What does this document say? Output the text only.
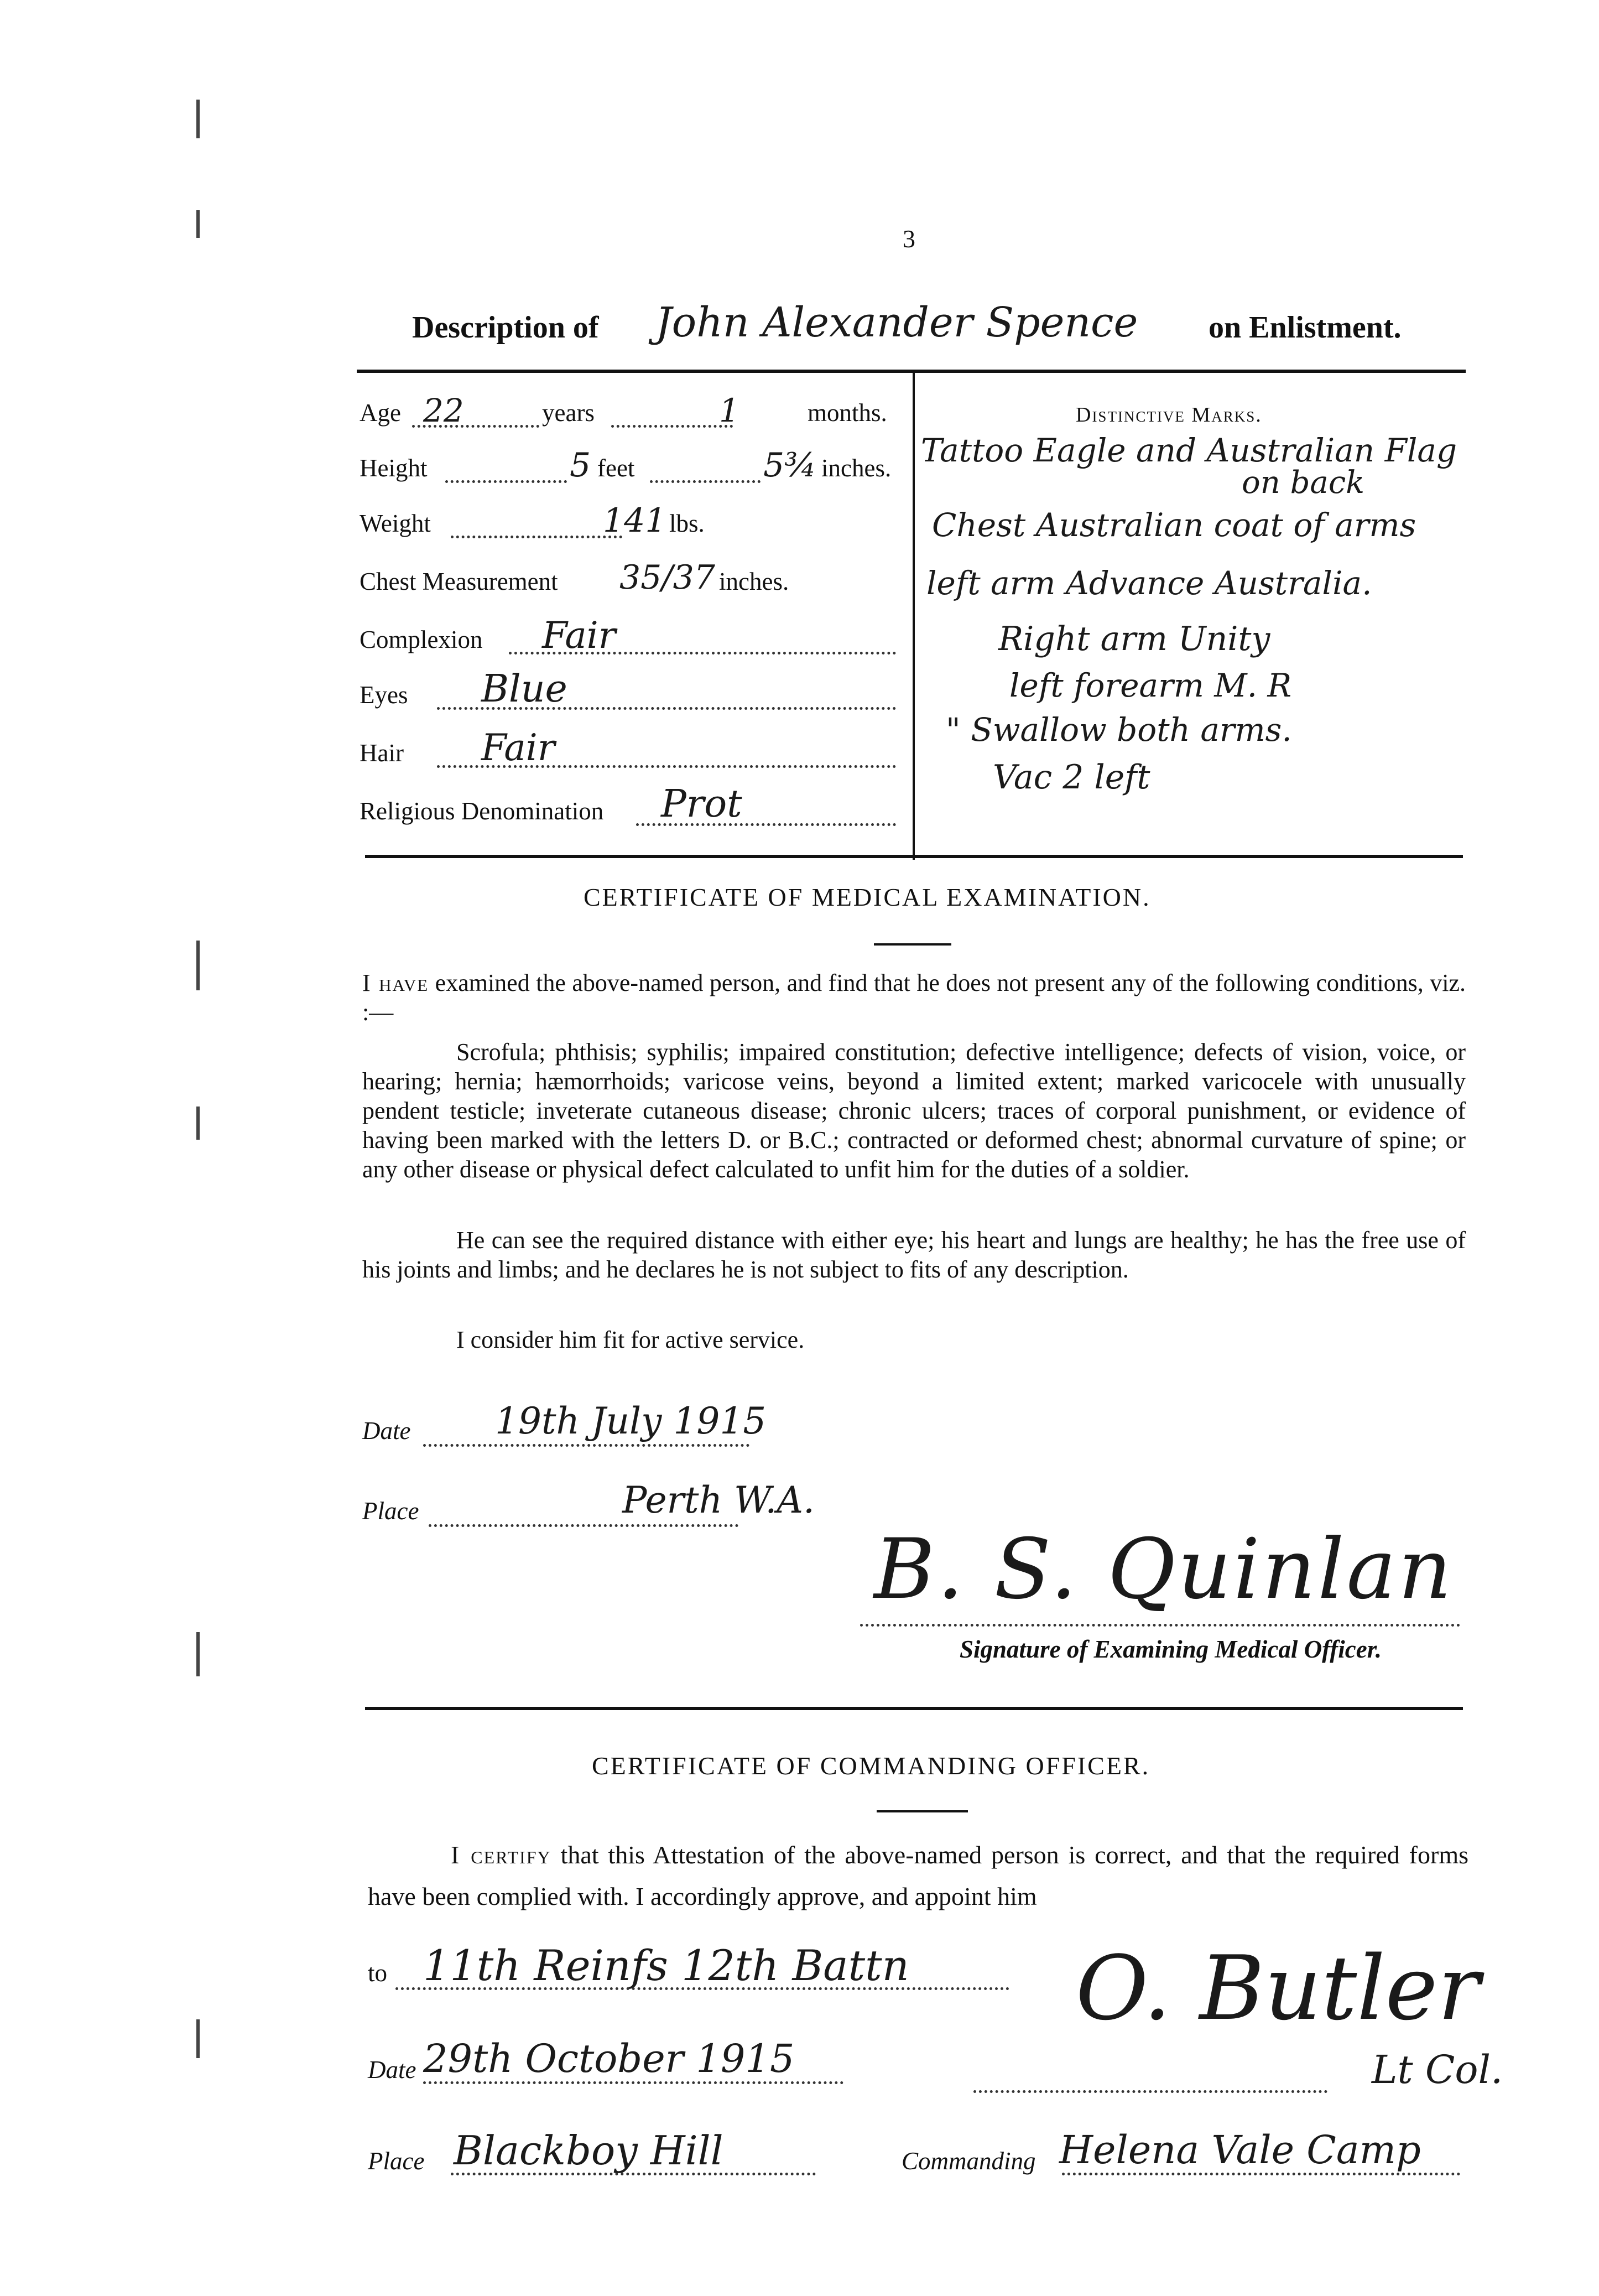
3
Description of John Alexander Spence on Enlistment.
Age 22	years	1	months.
Height	5 feet	5¾ inches.
Weight	141 lbs.
Chest Measurement 35/37 inches.
Complexion Fair
Eyes Blue
Hair Fair
Religious Denomination Prot
Distinctive Marks.
Tattoo Eagle and Australian Flag
on back
Chest Australian coat of arms
left arm Advance Australia.
Right arm Unity
left forearm M. R
" Swallow both arms.
Vac 2 left
CERTIFICATE OF MEDICAL EXAMINATION.
I have examined the above-named person, and find that he does not present any of the following conditions, viz. :—
Scrofula; phthisis; syphilis; impaired constitution; defective intelligence; defects of vision, voice, or hearing; hernia; hæmorrhoids; varicose veins, beyond a limited extent; marked varicocele with unusually pendent testicle; inveterate cutaneous disease; chronic ulcers; traces of corporal punishment, or evidence of having been marked with the letters D. or B.C.; contracted or deformed chest; abnormal curvature of spine; or any other disease or physical defect calculated to unfit him for the duties of a soldier.
He can see the required distance with either eye; his heart and lungs are healthy; he has the free use of his joints and limbs; and he declares he is not subject to fits of any description.
I consider him fit for active service.
Date 19th July 1915
Place	Perth W.A.
B. S. Quinlan
Signature of Examining Medical Officer.
CERTIFICATE OF COMMANDING OFFICER.
I certify that this Attestation of the above-named person is correct, and that the required forms have been complied with. I accordingly approve, and appoint him
to 11th Reinfs 12th Battn
Date 29th October 1915
Place Blackboy Hill
O. Butler
Lt Col.
Commanding Helena Vale Camp
